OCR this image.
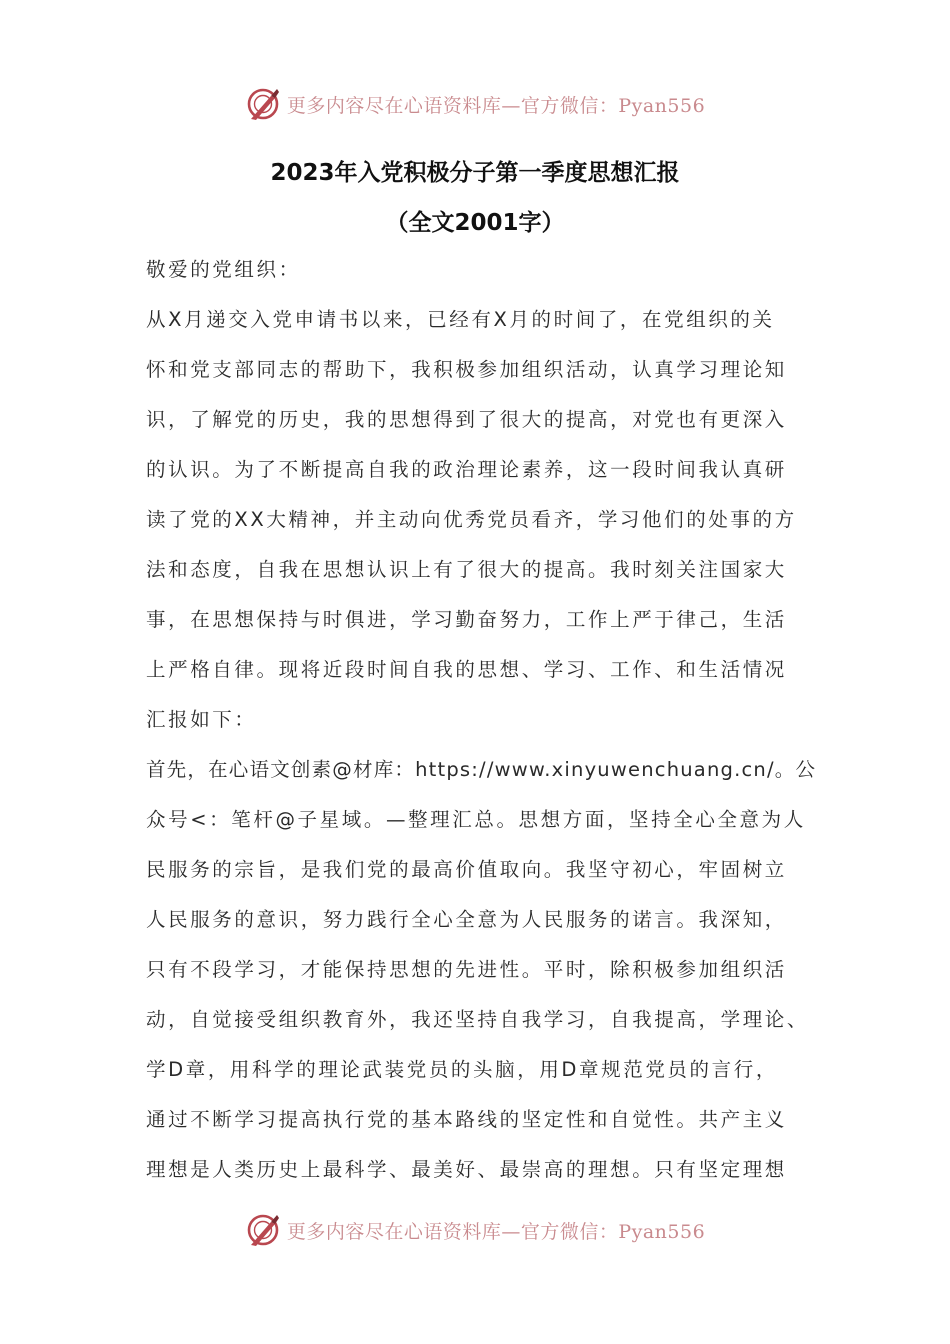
更多内容尽在心语资料库—官方微信：Pyan556
2023年入党积极分子第一季度思想汇报
（全文2001字）
敬爱的党组织：
从X月递交入党申请书以来，已经有X月的时间了，在党组织的关
怀和党支部同志的帮助下，我积极参加组织活动，认真学习理论知
识，了解党的历史，我的思想得到了很大的提高，对党也有更深入
的认识。为了不断提高自我的政治理论素养，这一段时间我认真研
读了党的XX大精神，并主动向优秀党员看齐，学习他们的处事的方
法和态度，自我在思想认识上有了很大的提高。我时刻关注国家大
事，在思想保持与时俱进，学习勤奋努力，工作上严于律己，生活
上严格自律。现将近段时间自我的思想、学习、工作、和生活情况
汇报如下：
首先，在心语文创素@材库：https://www.xinyuwenchuang.cn/。公
众号<：笔杆@子星域。—整理汇总。思想方面，坚持全心全意为人
民服务的宗旨，是我们党的最高价值取向。我坚守初心，牢固树立
人民服务的意识，努力践行全心全意为人民服务的诺言。我深知，
只有不段学习，才能保持思想的先进性。平时，除积极参加组织活
动，自觉接受组织教育外，我还坚持自我学习，自我提高，学理论、
学D章，用科学的理论武装党员的头脑，用D章规范党员的言行，
通过不断学习提高执行党的基本路线的坚定性和自觉性。共产主义
理想是人类历史上最科学、最美好、最崇高的理想。只有坚定理想
更多内容尽在心语资料库—官方微信：Pyan556
